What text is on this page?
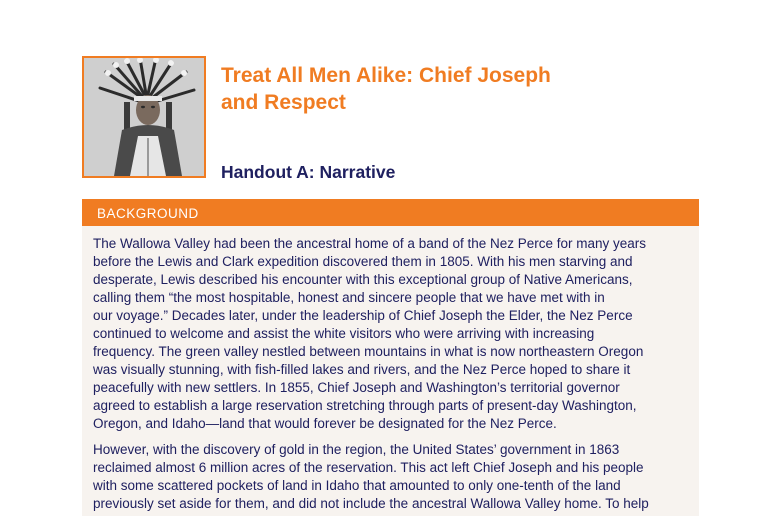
Treat All Men Alike: Chief Joseph
and Respect
Handout A: Narrative
BACKGROUND

The Wallowa Valley had been the ancestral home of a band of the Nez Perce for many years
before the Lewis and Clark expedition discovered them in 1805. With his men starving and
desperate, Lewis described his encounter with this exceptional group of Native Americans,
calling them “the most hospitable, honest and sincere people that we have met with in
our voyage.” Decades later, under the leadership of Chief Joseph the Elder, the Nez Perce
continued to welcome and assist the white visitors who were arriving with increasing
frequency. The green valley nestled between mountains in what is now northeastern Oregon
was visually stunning, with fish-filled lakes and rivers, and the Nez Perce hoped to share it
peacefully with new settlers. In 1855, Chief Joseph and Washington’s territorial governor
agreed to establish a large reservation stretching through parts of present-day Washington,
Oregon, and Idaho—land that would forever be designated for the Nez Perce.

However, with the discovery of gold in the region, the United States’ government in 1863
reclaimed almost 6 million acres of the reservation. This act left Chief Joseph and his people
with some scattered pockets of land in Idaho that amounted to only one-tenth of the land
previously set aside for them, and did not include the ancestral Wallowa Valley home. To help
